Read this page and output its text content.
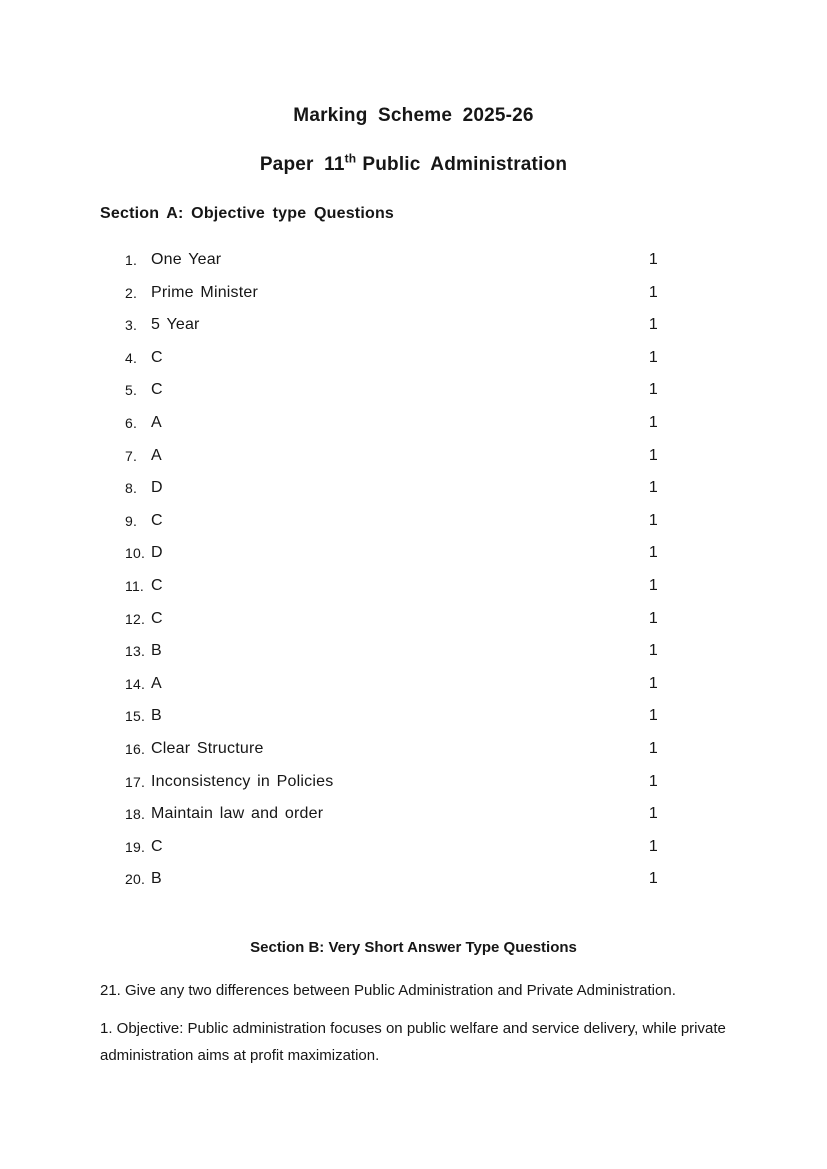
Marking Scheme 2025-26
Paper 11th Public Administration
Section A: Objective type Questions
1. One Year	1
2. Prime Minister	1
3. 5 Year	1
4. C	1
5. C	1
6. A	1
7. A	1
8. D	1
9. C	1
10. D	1
11. C	1
12. C	1
13. B	1
14. A	1
15. B	1
16. Clear Structure	1
17. Inconsistency in Policies	1
18. Maintain law and order	1
19. C	1
20. B	1
Section B: Very Short Answer Type Questions
21. Give any two differences between Public Administration and Private Administration.
1. Objective: Public administration focuses on public welfare and service delivery, while private administration aims at profit maximization.
